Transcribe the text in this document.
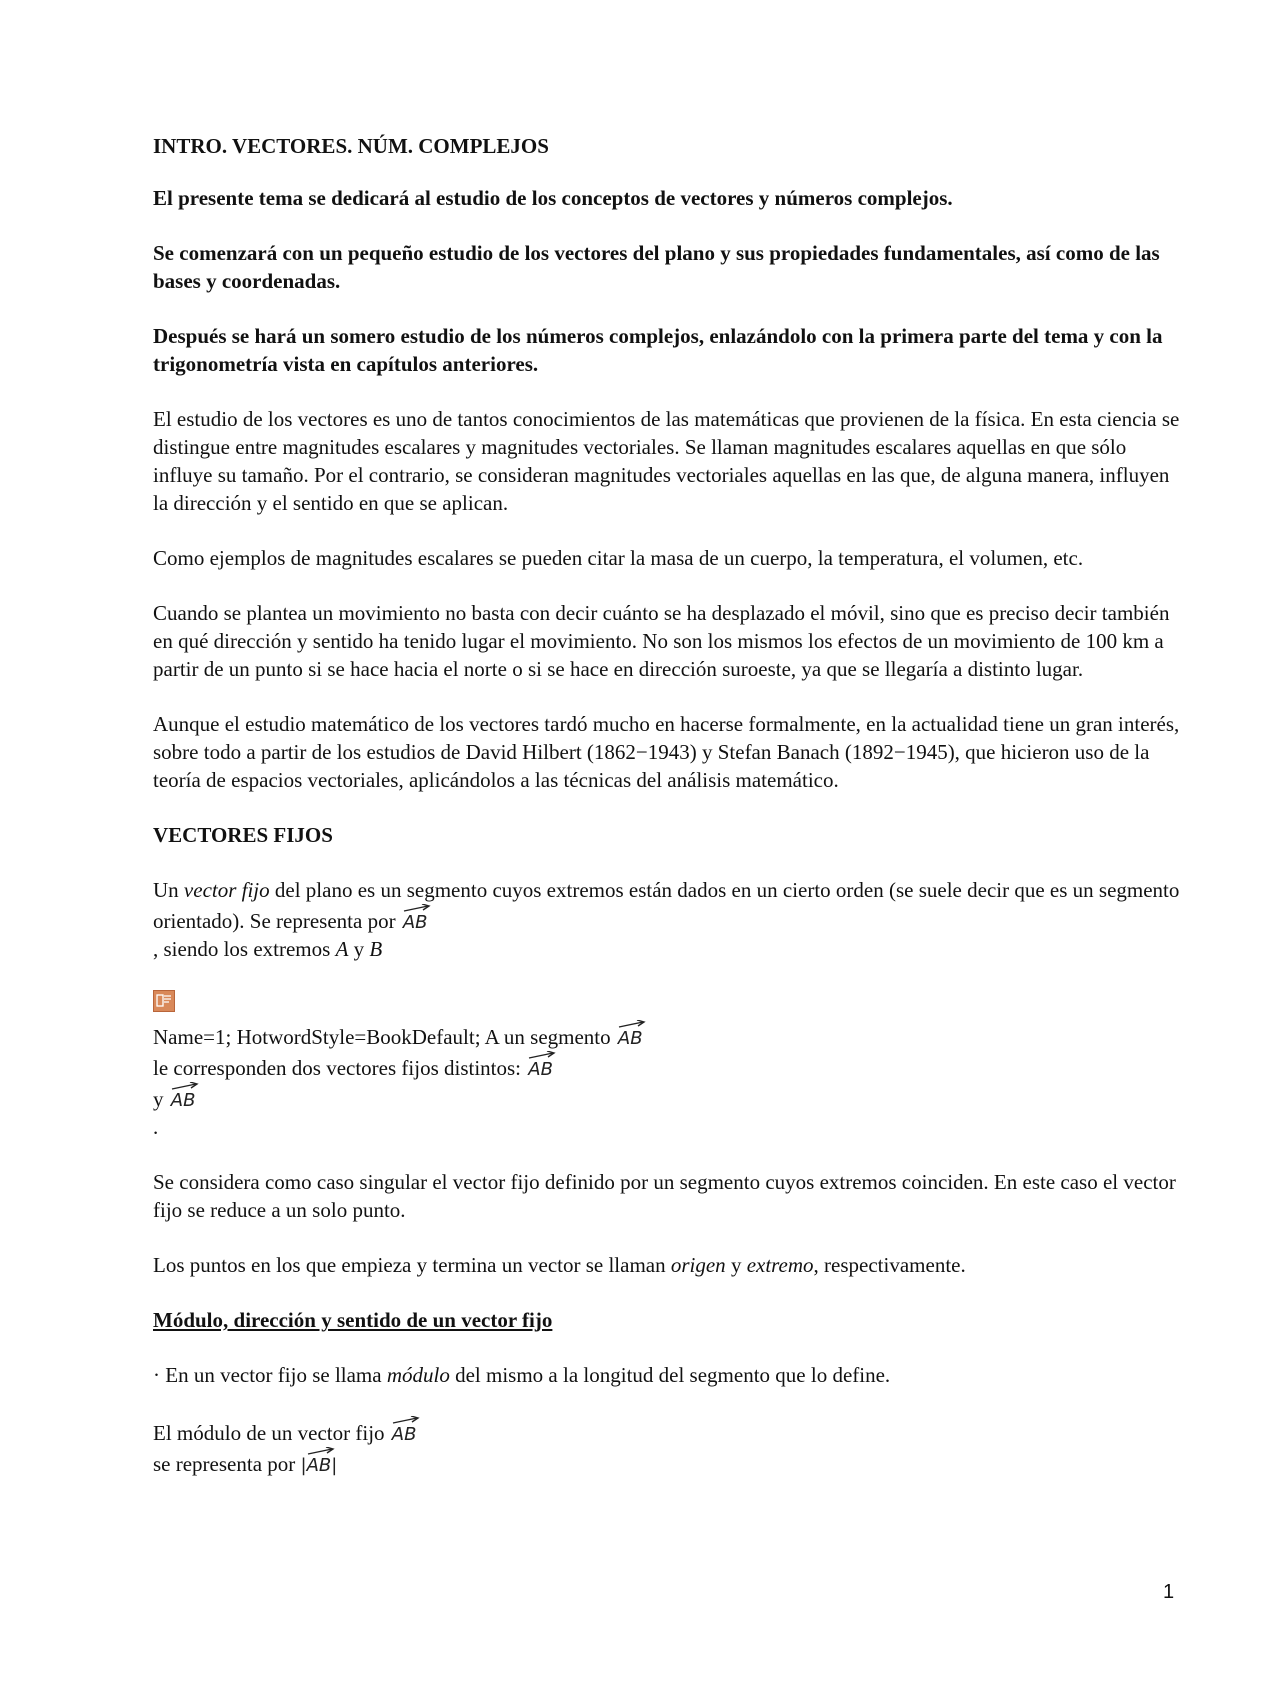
INTRO. VECTORES. NÚM. COMPLEJOS

El presente tema se dedicará al estudio de los conceptos de vectores y números complejos.

Se comenzará con un pequeño estudio de los vectores del plano y sus propiedades fundamentales, así como de las bases y coordenadas.

Después se hará un somero estudio de los números complejos, enlazándolo con la primera parte del tema y con la trigonometría vista en capítulos anteriores.

El estudio de los vectores es uno de tantos conocimientos de las matemáticas que provienen de la física. En esta ciencia se distingue entre magnitudes escalares y magnitudes vectoriales. Se llaman magnitudes escalares aquellas en que sólo influye su tamaño. Por el contrario, se consideran magnitudes vectoriales aquellas en las que, de alguna manera, influyen la dirección y el sentido en que se aplican.

Como ejemplos de magnitudes escalares se pueden citar la masa de un cuerpo, la temperatura, el volumen, etc.

Cuando se plantea un movimiento no basta con decir cuánto se ha desplazado el móvil, sino que es preciso decir también en qué dirección y sentido ha tenido lugar el movimiento. No son los mismos los efectos de un movimiento de 100 km a partir de un punto si se hace hacia el norte o si se hace en dirección suroeste, ya que se llegaría a distinto lugar.

Aunque el estudio matemático de los vectores tardó mucho en hacerse formalmente, en la actualidad tiene un gran interés, sobre todo a partir de los estudios de David Hilbert (1862−1943) y Stefan Banach (1892−1945), que hicieron uso de la teoría de espacios vectoriales, aplicándolos a las técnicas del análisis matemático.

VECTORES FIJOS

Un vector fijo del plano es un segmento cuyos extremos están dados en un cierto orden (se suele decir que es un segmento orientado). Se representa por
AB
, siendo los extremos A y B

Name=1; HotwordStyle=BookDefault; A un segmento
AB

le corresponden dos vectores fijos distintos:
AB

y
AB

.

Se considera como caso singular el vector fijo definido por un segmento cuyos extremos coinciden. En este caso el vector fijo se reduce a un solo punto.

Los puntos en los que empieza y termina un vector se llaman origen y extremo, respectivamente.

Módulo, dirección y sentido de un vector fijo

· En un vector fijo se llama módulo del mismo a la longitud del segmento que lo define.

El módulo de un vector fijo
AB
se representa por |
AB|

1
